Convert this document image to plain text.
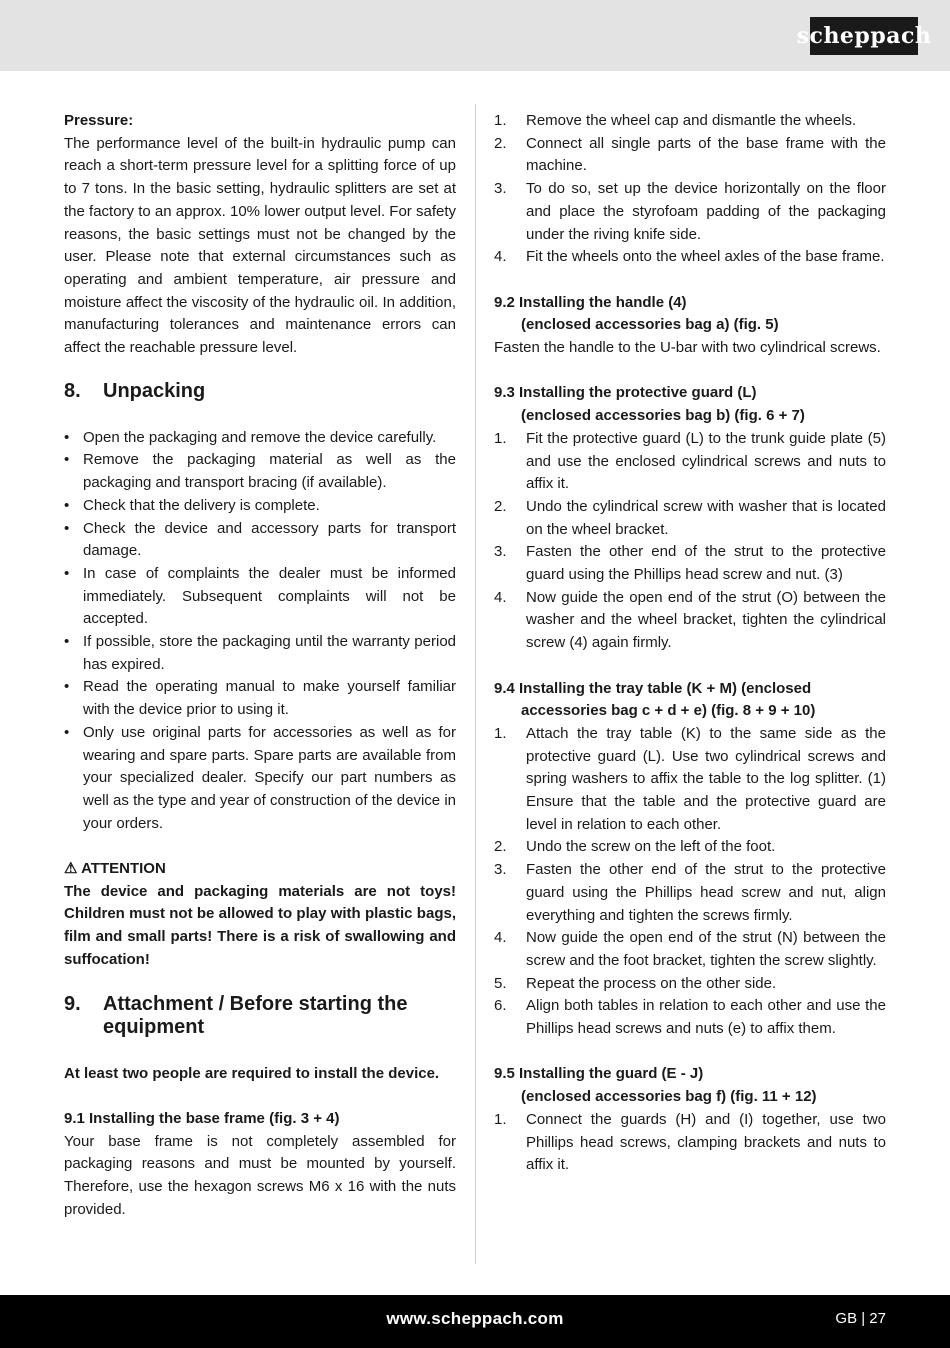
scheppach

Pressure:

The performance level of the built-in hydraulic pump can reach a short-term pressure level for a splitting force of up to 7 tons. In the basic setting, hydraulic splitters are set at the factory to an approx. 10% lower output level. For safety reasons, the basic settings must not be changed by the user. Please note that external circumstances such as operating and ambient temperature, air pressure and moisture affect the viscosity of the hydraulic oil. In addition, manufacturing tolerances and maintenance errors can affect the reachable pressure level.

8.	Unpacking
• Open the packaging and remove the device carefully.
• Remove the packaging material as well as the packaging and transport bracing (if available).
• Check that the delivery is complete.
• Check the device and accessory parts for transport damage.
• In case of complaints the dealer must be informed immediately. Subsequent complaints will not be accepted.
• If possible, store the packaging until the warranty period has expired.
• Read the operating manual to make yourself familiar with the device prior to using it.
• Only use original parts for accessories as well as for wearing and spare parts. Spare parts are available from your specialized dealer. Specify our part numbers as well as the type and year of construction of the device in your orders.

⚠ ATTENTION

The device and packaging materials are not toys! Children must not be allowed to play with plastic bags, film and small parts! There is a risk of swallowing and suffocation!

9.	Attachment / Before starting the equipment

At least two people are required to install the device.

9.1 Installing the base frame (fig. 3 + 4)

Your base frame is not completely assembled for packaging reasons and must be mounted by yourself. Therefore, use the hexagon screws M6 x 16 with the nuts provided.

1.	Remove the wheel cap and dismantle the wheels.
2.	Connect all single parts of the base frame with the machine.
3.	To do so, set up the device horizontally on the floor and place the styrofoam padding of the packaging under the riving knife side.
4.	Fit the wheels onto the wheel axles of the base frame.

9.2 Installing the handle (4)

(enclosed accessories bag a) (fig. 5)

Fasten the handle to the U-bar with two cylindrical screws.

9.3 Installing the protective guard (L)

(enclosed accessories bag b) (fig. 6 + 7)

1.	Fit the protective guard (L) to the trunk guide plate (5) and use the enclosed cylindrical screws and nuts to affix it.
2.	Undo the cylindrical screw with washer that is located on the wheel bracket.
3.	Fasten the other end of the strut to the protective guard using the Phillips head screw and nut. (3)
4.	Now guide the open end of the strut (O) between the washer and the wheel bracket, tighten the cylindrical screw (4) again firmly.

9.4 Installing the tray table (K + M) (enclosed

accessories bag c + d + e) (fig. 8 + 9 + 10)

1.	Attach the tray table (K) to the same side as the protective guard (L). Use two cylindrical screws and spring washers to affix the table to the log splitter. (1) Ensure that the table and the protective guard are level in relation to each other.
2.	Undo the screw on the left of the foot.
3.	Fasten the other end of the strut to the protective guard using the Phillips head screw and nut, align everything and tighten the screws firmly.
4.	Now guide the open end of the strut (N) between the screw and the foot bracket, tighten the screw slightly.
5.	Repeat the process on the other side.
6.	Align both tables in relation to each other and use the Phillips head screws and nuts (e) to affix them.

9.5 Installing the guard (E - J)

(enclosed accessories bag f) (fig. 11 + 12)

1.	Connect the guards (H) and (I) together, use two Phillips head screws, clamping brackets and nuts to affix it.
www.scheppach.com	GB | 27
